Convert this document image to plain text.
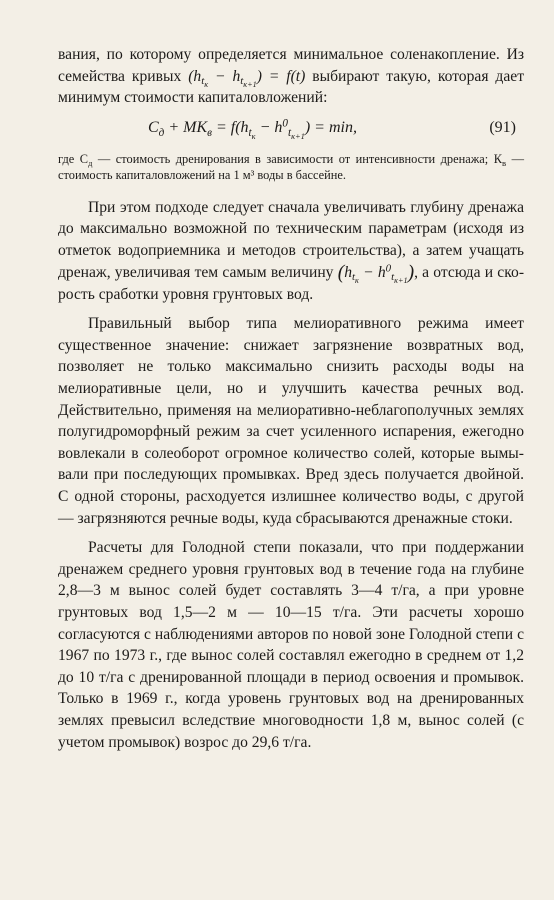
вания, по которому определяется минимальное соленакопление. Из семейства кривых $(h_{t_к} - h_{t_{к+1}}) = f(t)$ выбирают такую, которая дает минимум стоимости капиталовложений:

$С_д + МК_в = f(h_{t_к} - h^0_{t_{к+1}}) = \min$,	(91)

где $С_д$ — стоимость дренирования в зависимости от интенсивности дренажа; $К_в$ — стоимость капиталовложений на 1 м³ воды в бассейне.

При этом подходе следует сначала увеличивать глубину дренажа до максимально возможной по техническим параметрам (исходя из отметок водоприемника и методов строительства), а затем учащать дренаж, увеличивая тем самым величину $(h_{t_к} - h^0_{t_{к+1}})$, а отсюда и скорость сработки уровня грунтовых вод.

Правильный выбор типа мелиоративного режима имеет существенное значение: снижает загрязнение возвратных вод, позволяет не только максимально снизить расходы воды на мелиоративные цели, но и улучшить качества речных вод. Действительно, применяя на мелиоративно-неблагополучных землях полугидроморфный режим за счет усиленного испарения, ежегодно вовлекали в солеоборот огромное количество солей, которые вымывали при последующих промывках. Вред здесь получается двойной. С одной стороны, расходуется излишнее количество воды, с другой — загрязняются речные воды, куда сбрасываются дренажные стоки.

Расчеты для Голодной степи показали, что при поддержании дренажем среднего уровня грунтовых вод в течение года на глубине 2,8—3 м вынос солей будет составлять 3—4 т/га, а при уровне грунтовых вод 1,5—2 м — 10—15 т/га. Эти расчеты хорошо согласуются с наблюдениями авторов по новой зоне Голодной степи с 1967 по 1973 г., где вынос солей составлял ежегодно в среднем от 1,2 до 10 т/га с дренированной площади в период освоения и промывок. Только в 1969 г., когда уровень грунтовых вод на дренированных землях превысил вследствие многоводности 1,8 м, вынос солей (с учетом промывок) возрос до 29,6 т/га.
